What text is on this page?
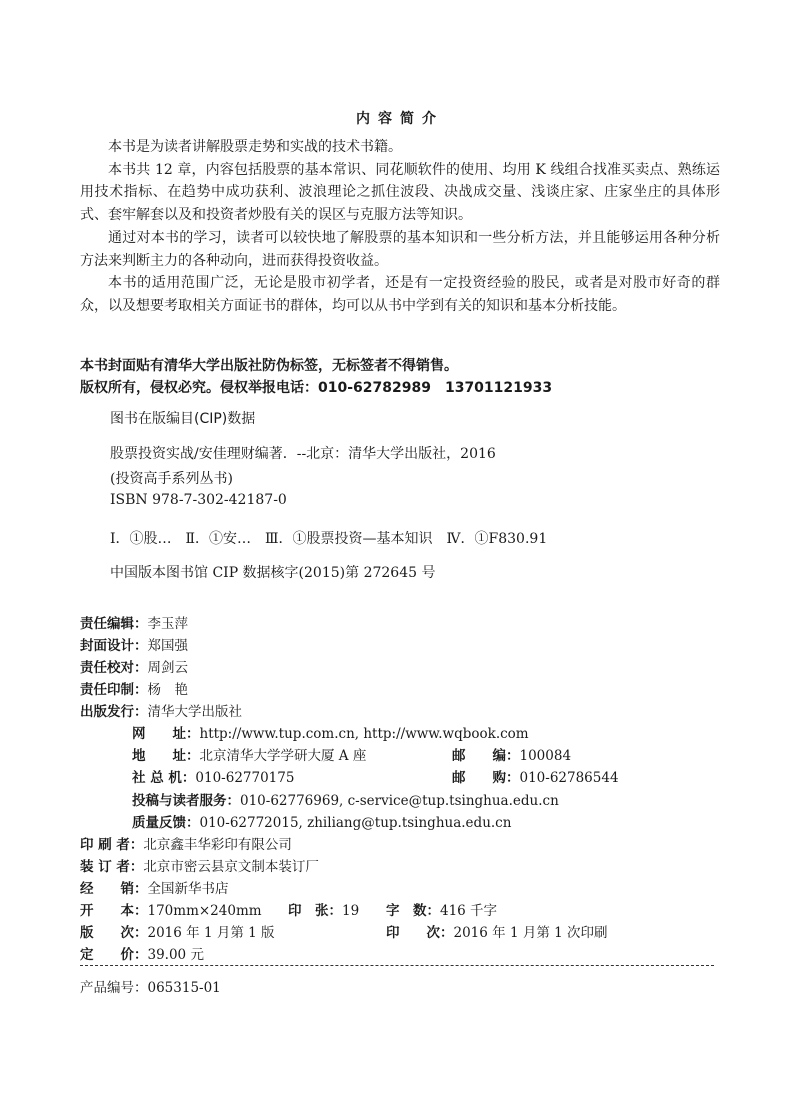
内容简介

本书是为读者讲解股票走势和实战的技术书籍。

本书共 12 章，内容包括股票的基本常识、同花顺软件的使用、均用 K 线组合找准买卖点、熟练运用技术指标、在趋势中成功获利、波浪理论之抓住波段、决战成交量、浅谈庄家、庄家坐庄的具体形式、套牢解套以及和投资者炒股有关的误区与克服方法等知识。

通过对本书的学习，读者可以较快地了解股票的基本知识和一些分析方法，并且能够运用各种分析方法来判断主力的各种动向，进而获得投资收益。

本书的适用范围广泛，无论是股市初学者，还是有一定投资经验的股民，或者是对股市好奇的群众，以及想要考取相关方面证书的群体，均可以从书中学到有关的知识和基本分析技能。

本书封面贴有清华大学出版社防伪标签，无标签者不得销售。
版权所有，侵权必究。侵权举报电话：010-62782989　13701121933
图书在版编目(CIP)数据
股票投资实战/安佳理财编著．--北京：清华大学出版社，2016
(投资高手系列丛书)
ISBN 978-7-302-42187-0
Ⅰ．①股…　Ⅱ．①安…　Ⅲ．①股票投资—基本知识　Ⅳ．①F830.91
中国版本图书馆 CIP 数据核字(2015)第 272645 号
责任编辑：李玉萍
封面设计：郑国强
责任校对：周剑云
责任印制：杨　艳
出版发行：清华大学出版社
网　　址：http://www.tup.com.cn, http://www.wqbook.com
地　　址：北京清华大学学研大厦 A 座	邮　　编：100084
社 总 机：010-62770175	邮　　购：010-62786544
投稿与读者服务：010-62776969, c-service@tup.tsinghua.edu.cn
质量反馈：010-62772015, zhiliang@tup.tsinghua.edu.cn
印 刷 者：北京鑫丰华彩印有限公司
装 订 者：北京市密云县京文制本装订厂
经　　销：全国新华书店
开　　本：170mm×240mm 印　张：19 字　数：416 千字
版　　次：2016 年 1 月第 1 版	印　　次：2016 年 1 月第 1 次印刷
定　　价：39.00 元
产品编号：065315-01
